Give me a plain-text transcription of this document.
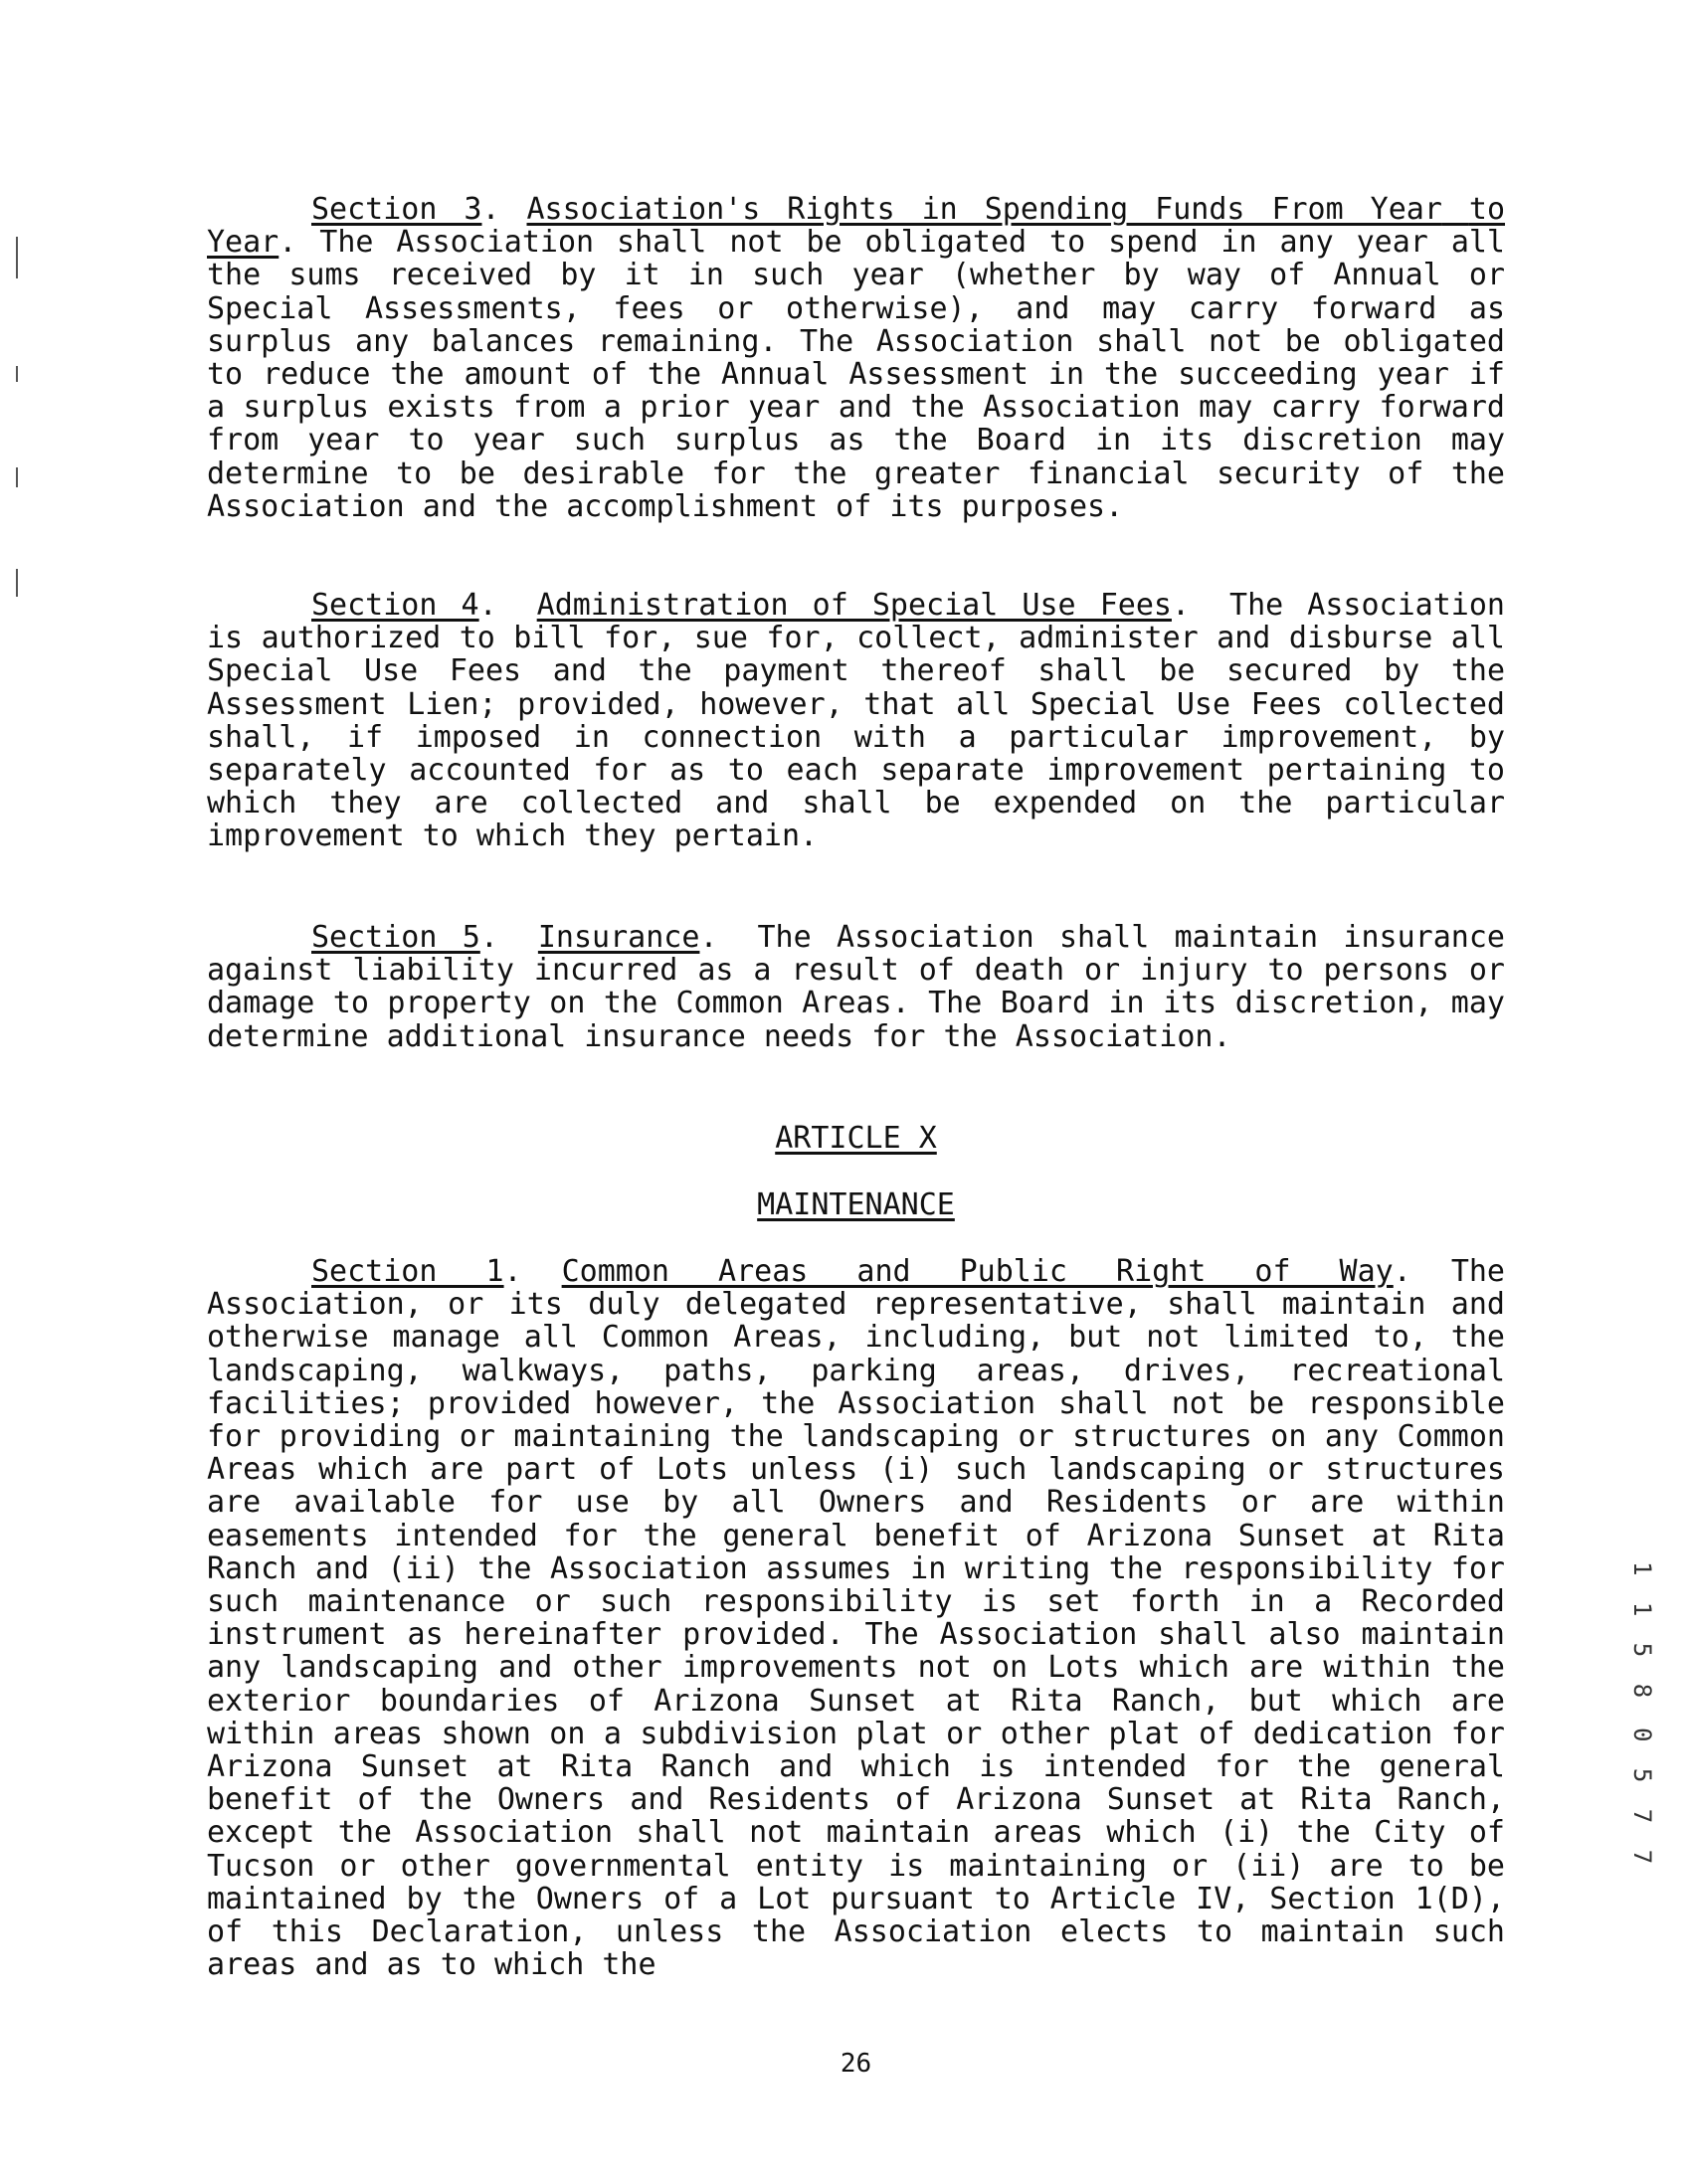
Section 3. Association's Rights in Spending Funds From Year to Year. The Association shall not be obligated to spend in any year all the sums received by it in such year (whether by way of Annual or Special Assessments, fees or otherwise), and may carry forward as surplus any balances remaining. The Association shall not be obligated to reduce the amount of the Annual Assessment in the succeeding year if a surplus exists from a prior year and the Association may carry forward from year to year such surplus as the Board in its discretion may determine to be desirable for the greater financial security of the Association and the accomplishment of its purposes.

Section 4. Administration of Special Use Fees. The Association is authorized to bill for, sue for, collect, administer and disburse all Special Use Fees and the payment thereof shall be secured by the Assessment Lien; provided, however, that all Special Use Fees collected shall, if imposed in connection with a particular improvement, by separately accounted for as to each separate improvement pertaining to which they are collected and shall be expended on the particular improvement to which they pertain.

Section 5. Insurance. The Association shall maintain insurance against liability incurred as a result of death or injury to persons or damage to property on the Common Areas. The Board in its discretion, may determine additional insurance needs for the Association.

ARTICLE X

MAINTENANCE

Section 1. Common Areas and Public Right of Way. The Association, or its duly delegated representative, shall maintain and otherwise manage all Common Areas, including, but not limited to, the landscaping, walkways, paths, parking areas, drives, recreational facilities; provided however, the Association shall not be responsible for providing or maintaining the landscaping or structures on any Common Areas which are part of Lots unless (i) such landscaping or structures are available for use by all Owners and Residents or are within easements intended for the general benefit of Arizona Sunset at Rita Ranch and (ii) the Association assumes in writing the responsibility for such maintenance or such responsibility is set forth in a Recorded instrument as hereinafter provided. The Association shall also maintain any landscaping and other improvements not on Lots which are within the exterior boundaries of Arizona Sunset at Rita Ranch, but which are within areas shown on a subdivision plat or other plat of dedication for Arizona Sunset at Rita Ranch and which is intended for the general benefit of the Owners and Residents of Arizona Sunset at Rita Ranch, except the Association shall not maintain areas which (i) the City of Tucson or other governmental entity is maintaining or (ii) are to be maintained by the Owners of a Lot pursuant to Article IV, Section 1(D), of this Declaration, unless the Association elects to maintain such areas and as to which the

26
1 1 5 8
0 5 7 7
